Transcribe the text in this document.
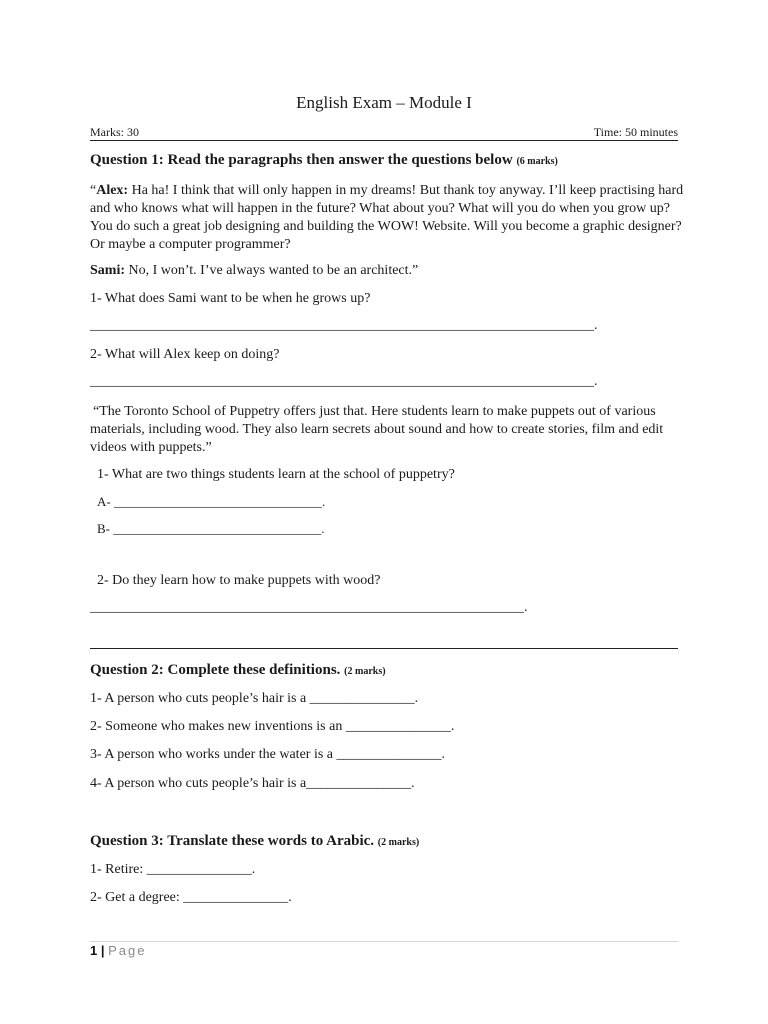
English Exam – Module I
Marks: 30	Time: 50 minutes
Question 1: Read the paragraphs then answer the questions below (6 marks)
“Alex: Ha ha! I think that will only happen in my dreams! But thank toy anyway. I’ll keep practising hard and who knows what will happen in the future? What about you? What will you do when you grow up? You do such a great job designing and building the WOW! Website. Will you become a graphic designer? Or maybe a computer programmer?
Sami: No, I won’t. I’ve always wanted to be an architect.”
1- What does Sami want to be when he grows up?
________________________________________________________________________.
2- What will Alex keep on doing?
________________________________________________________________________.
“The Toronto School of Puppetry offers just that. Here students learn to make puppets out of various materials, including wood. They also learn secrets about sound and how to create stories, film and edit videos with puppets.”
1- What are two things students learn at the school of puppetry?
A- ________________________________.
B- ________________________________.
2- Do they learn how to make puppets with wood?
______________________________________________________________.
Question 2: Complete these definitions. (2 marks)
1- A person who cuts people’s hair is a _______________.
2- Someone who makes new inventions is an _______________.
3- A person who works under the water is a _______________.
4- A person who cuts people’s hair is a_______________.
Question 3: Translate these words to Arabic. (2 marks)
1- Retire: _______________.
2- Get a degree: _______________.
1 | Page
